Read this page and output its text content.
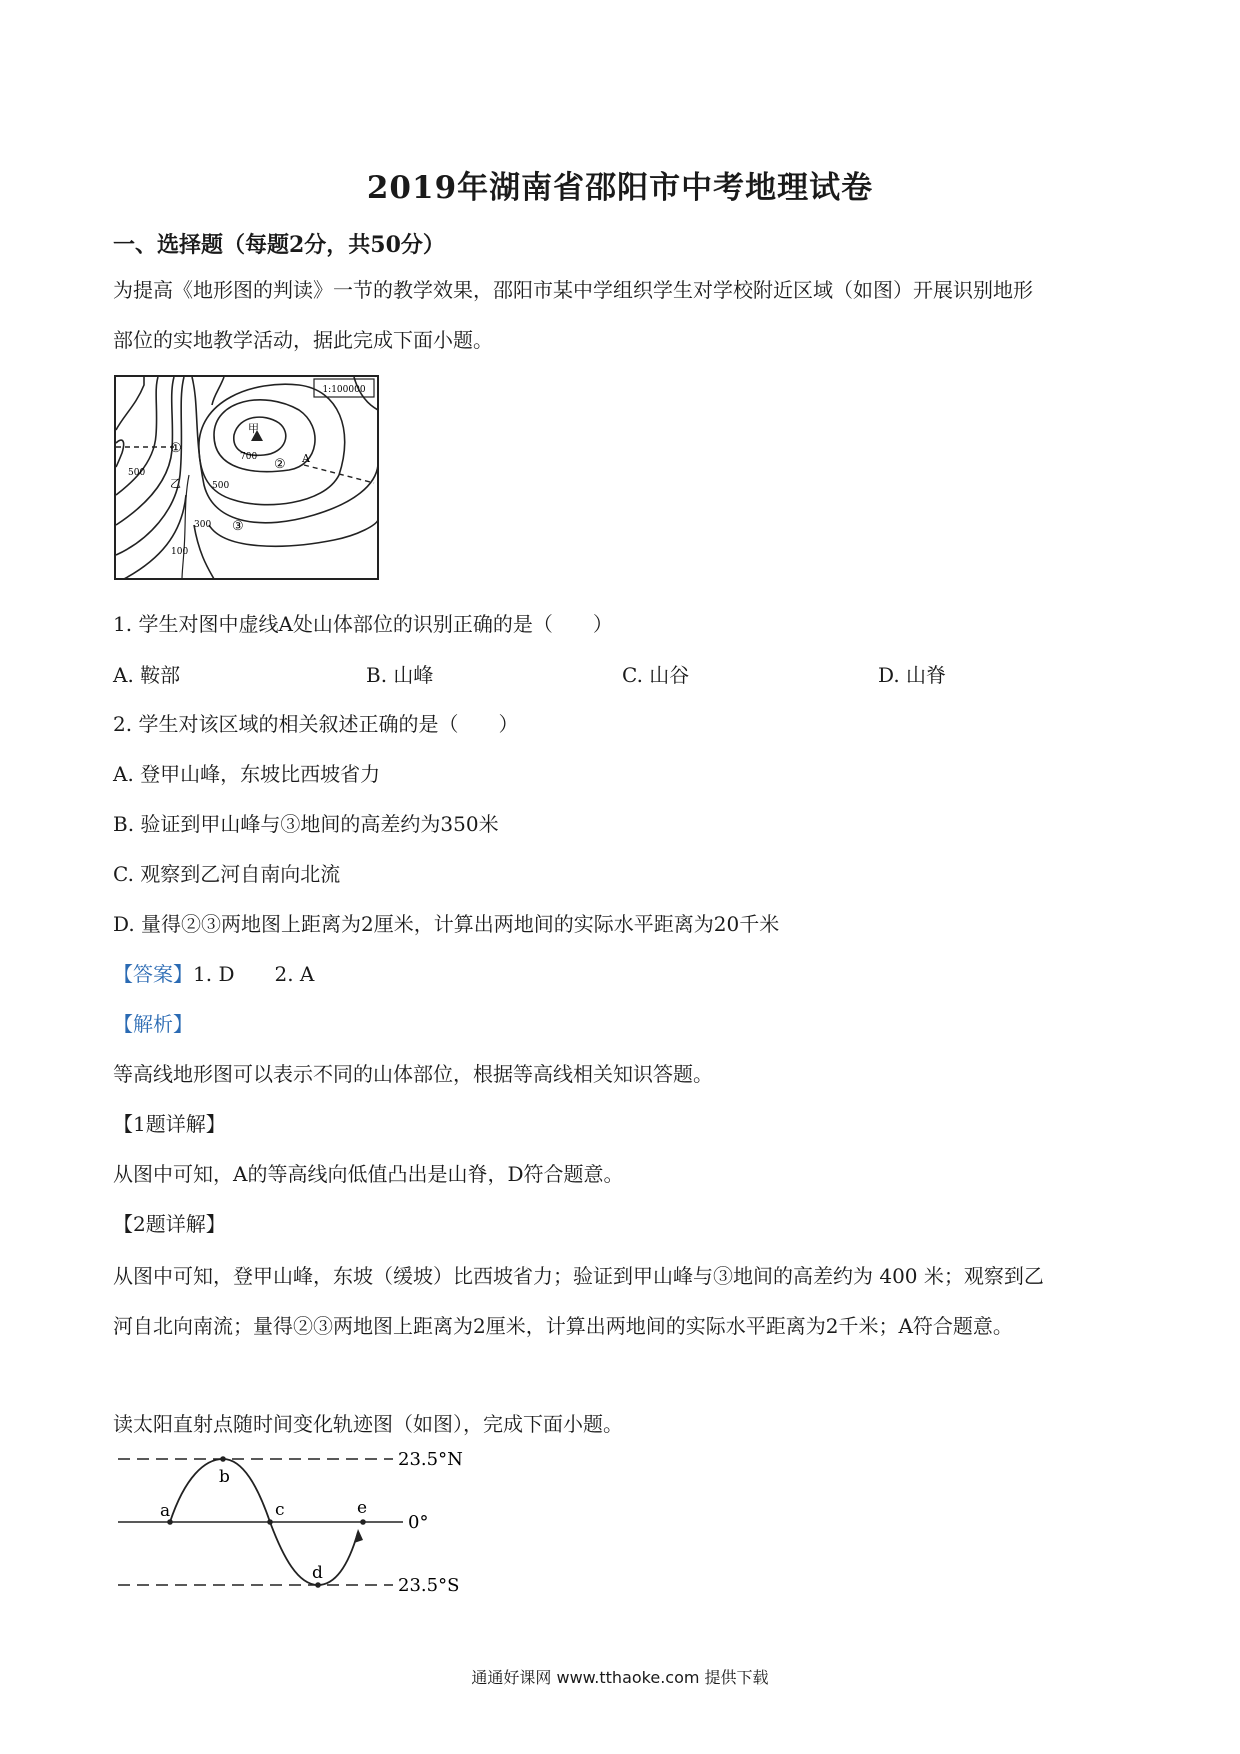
2019年湖南省邵阳市中考地理试卷
一、选择题（每题2分，共50分）
为提高《地形图的判读》一节的教学效果，邵阳市某中学组织学生对学校附近区域（如图）开展识别地形
部位的实地教学活动，据此完成下面小题。
1:100000
甲
700
500
500
300
100
乙
A
①
②
③
1. 学生对图中虚线A处山体部位的识别正确的是（　　）
A. 鞍部	B. 山峰	C. 山谷	D. 山脊
2. 学生对该区域的相关叙述正确的是（　　）
A. 登甲山峰，东坡比西坡省力
B. 验证到甲山峰与③地间的高差约为350米
C. 观察到乙河自南向北流
D. 量得②③两地图上距离为2厘米，计算出两地间的实际水平距离为20千米
【答案】1. D　　2. A
【解析】
等高线地形图可以表示不同的山体部位，根据等高线相关知识答题。
【1题详解】
从图中可知，A的等高线向低值凸出是山脊，D符合题意。
【2题详解】
从图中可知，登甲山峰，东坡（缓坡）比西坡省力；验证到甲山峰与③地间的高差约为 400 米；观察到乙
河自北向南流；量得②③两地图上距离为2厘米，计算出两地间的实际水平距离为2千米；A符合题意。
读太阳直射点随时间变化轨迹图（如图），完成下面小题。
23.5°N
0°
23.5°S
a
b
c
d
e
通通好课网 www.tthaoke.com 提供下载
